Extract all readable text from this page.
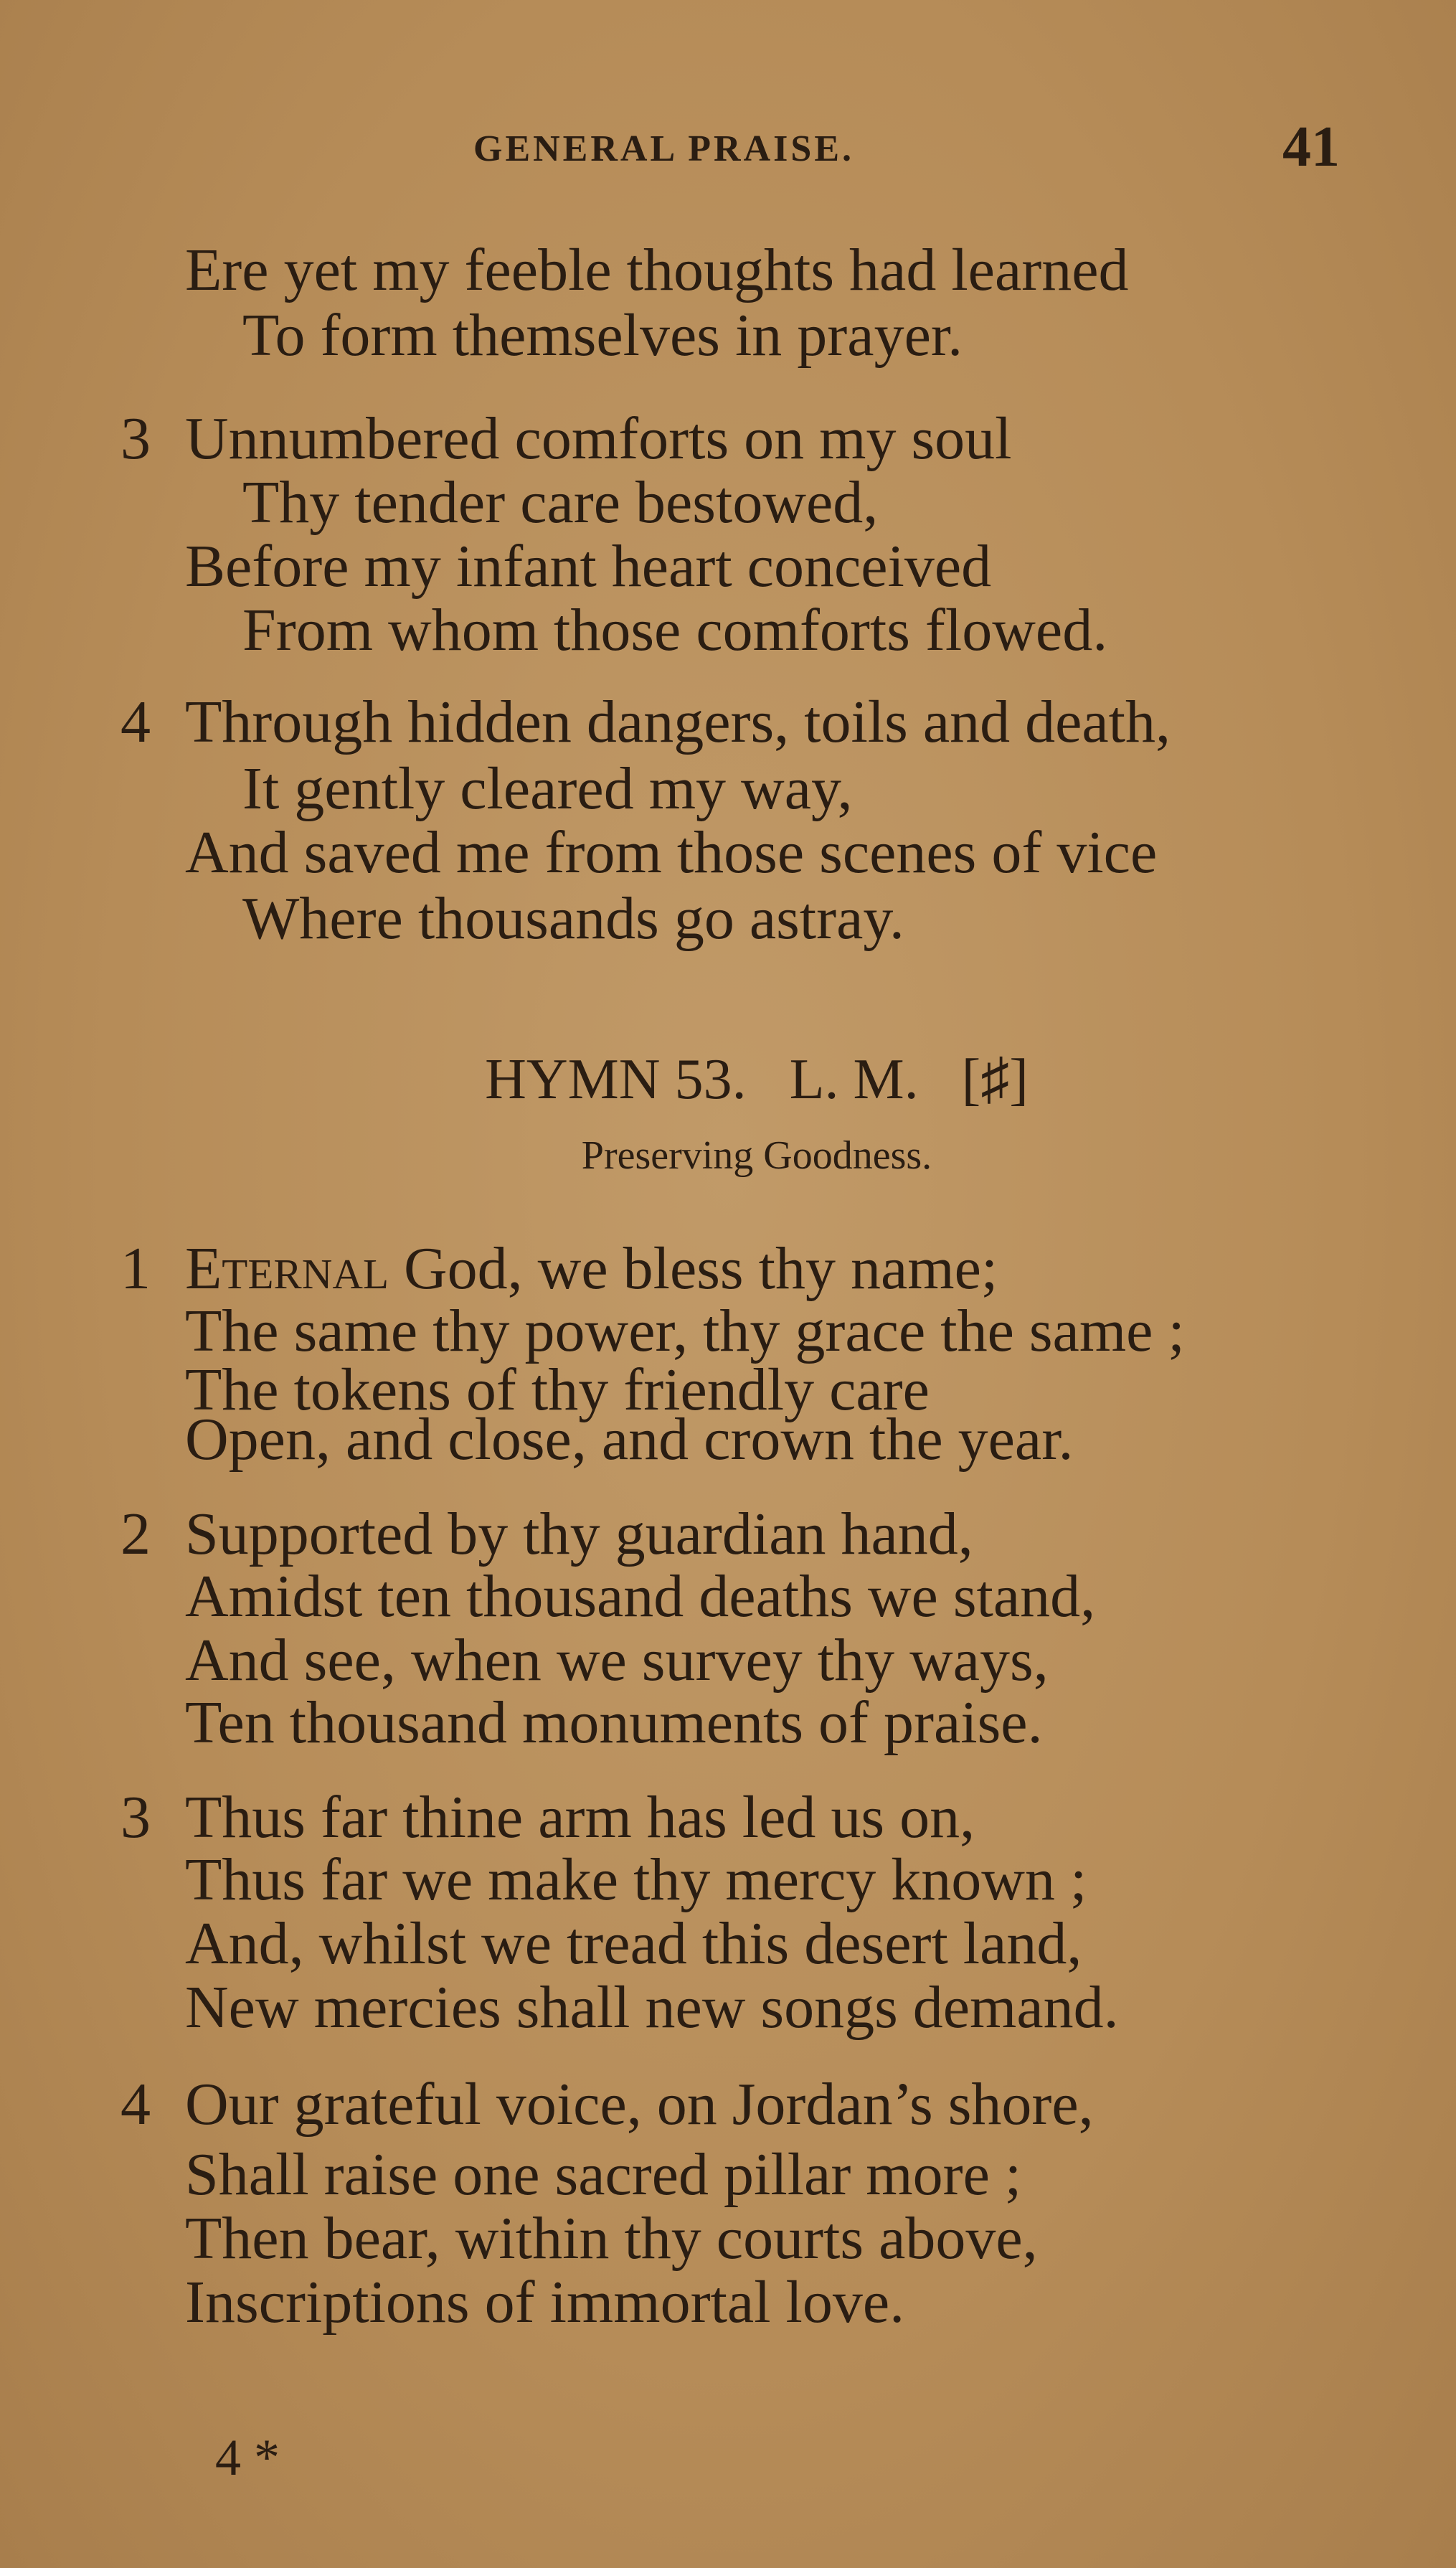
GENERAL PRAISE.	41
Ere yet my feeble thoughts had learned
To form themselves in prayer.
3 Unnumbered comforts on my soul
Thy tender care bestowed,
Before my infant heart conceived
From whom those comforts flowed.
4 Through hidden dangers, toils and death,
It gently cleared my way,
And saved me from those scenes of vice
Where thousands go astray.
HYMN 53.   L. M.   [♯]
Preserving Goodness.
1 Eternal God, we bless thy name;
The same thy power, thy grace the same ;
The tokens of thy friendly care
Open, and close, and crown the year.
2 Supported by thy guardian hand,
Amidst ten thousand deaths we stand,
And see, when we survey thy ways,
Ten thousand monuments of praise.
3 Thus far thine arm has led us on,
Thus far we make thy mercy known ;
And, whilst we tread this desert land,
New mercies shall new songs demand.
4 Our grateful voice, on Jordan’s shore,
Shall raise one sacred pillar more ;
Then bear, within thy courts above,
Inscriptions of immortal love.
4 *
